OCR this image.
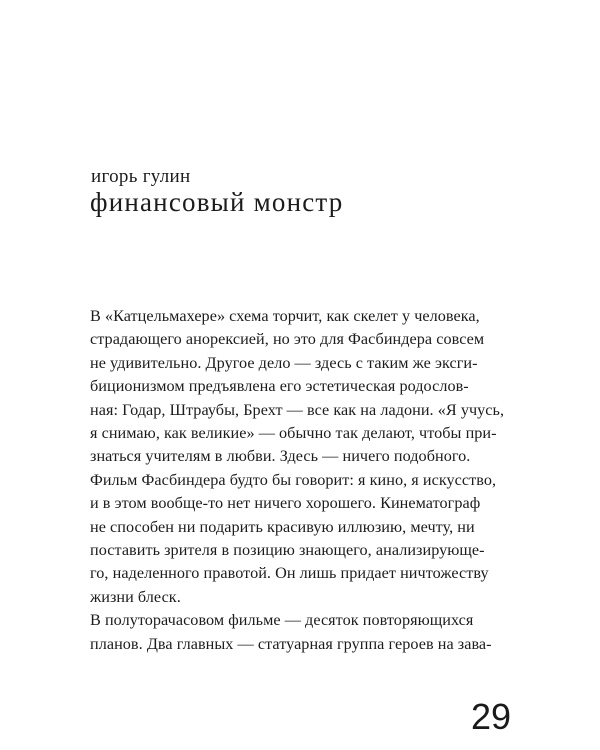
игорь гулин
финансовый монстр
В «Катцельмахере» схема торчит, как скелет у человека,
страдающего анорексией, но это для Фасбиндера совсем
не удивительно. Другое дело — здесь с таким же эксги-
биционизмом предъявлена его эстетическая родослов-
ная: Годар, Штраубы, Брехт — все как на ладони. «Я учусь,
я снимаю, как великие» — обычно так делают, чтобы при-
знаться учителям в любви. Здесь — ничего подобного.
Фильм Фасбиндера будто бы говорит: я кино, я искусство,
и в этом вообще-то нет ничего хорошего. Кинематограф
не способен ни подарить красивую иллюзию, мечту, ни
поставить зрителя в позицию знающего, анализирующе-
го, наделенного правотой. Он лишь придает ничтожеству
жизни блеск.
В полуторачасовом фильме — десяток повторяющихся
планов. Два главных — статуарная группа героев на зава-
29
